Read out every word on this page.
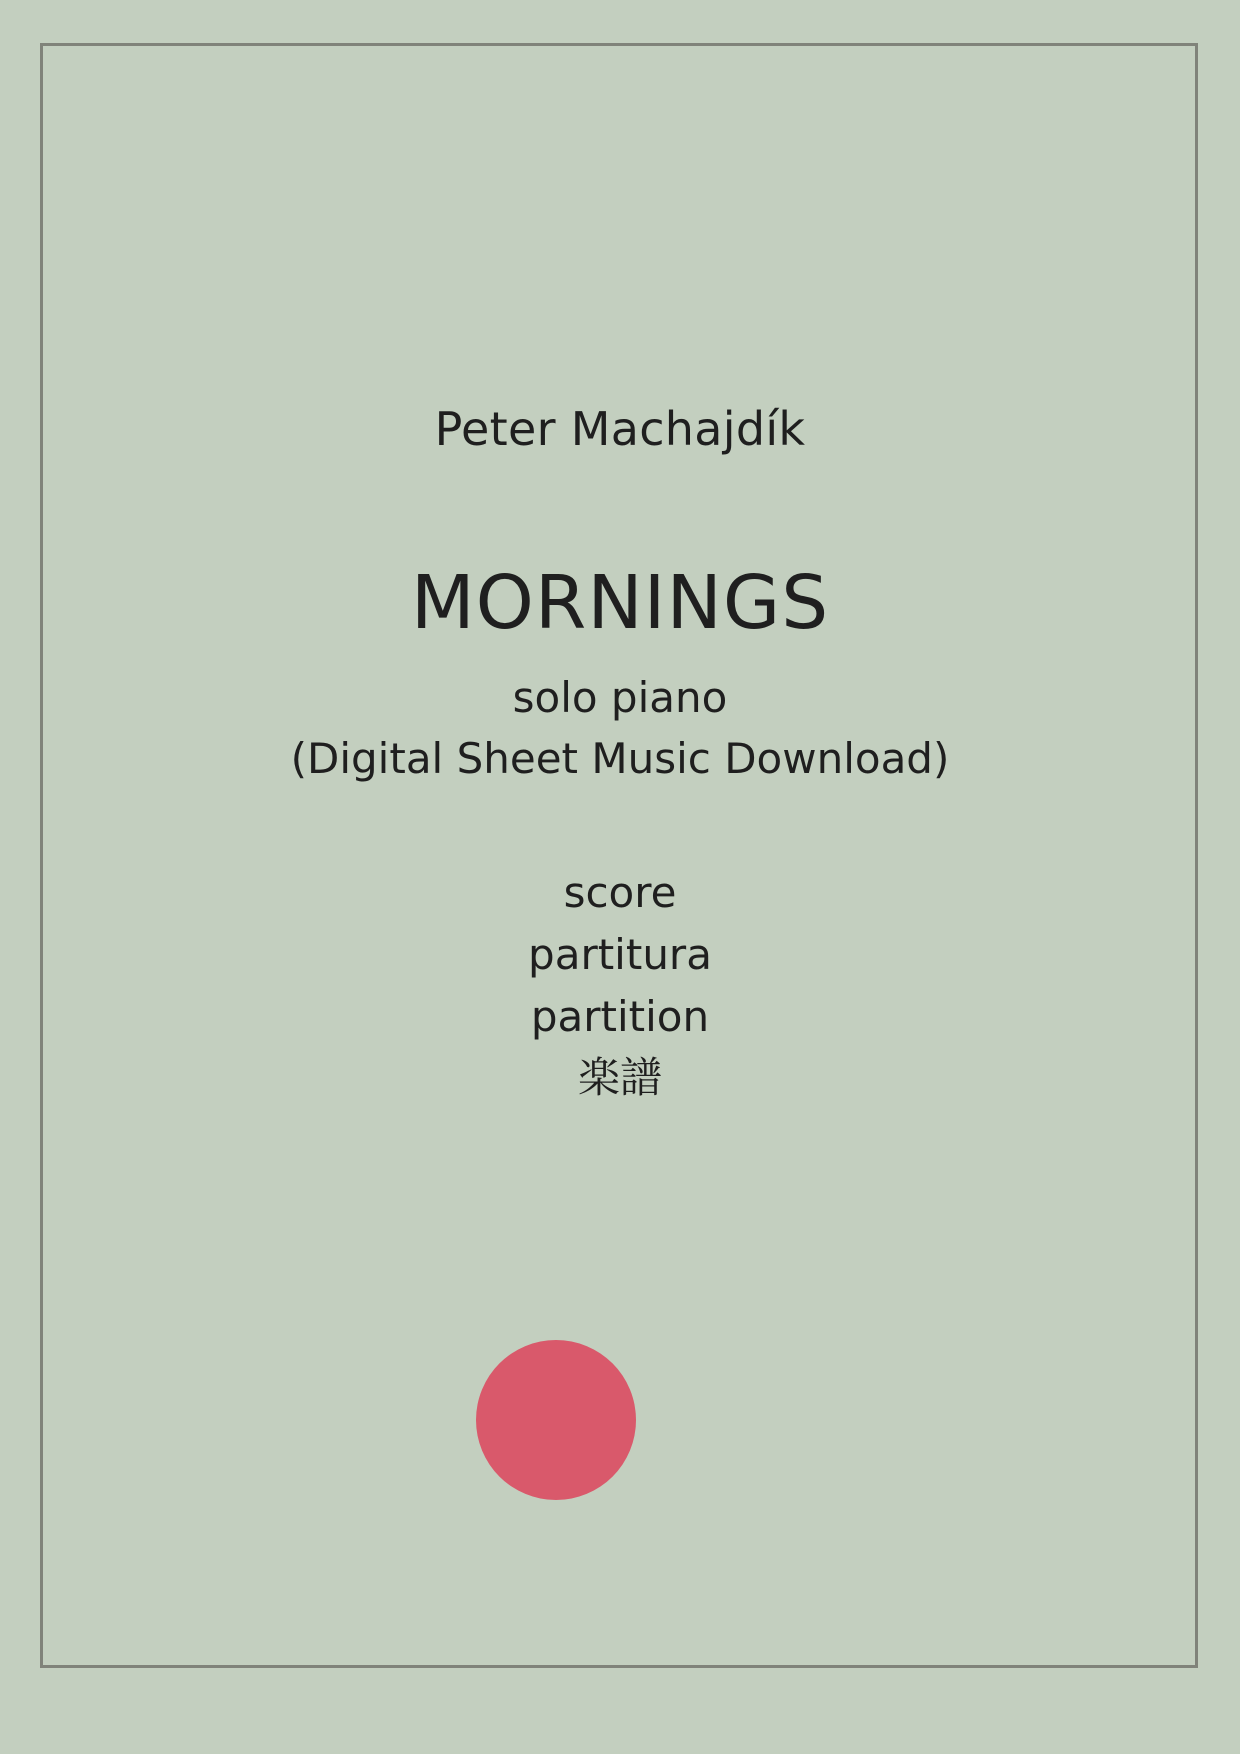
Peter Machajdík
MORNINGS
solo piano
(Digital Sheet Music Download)
score
partitura
partition
楽譜
